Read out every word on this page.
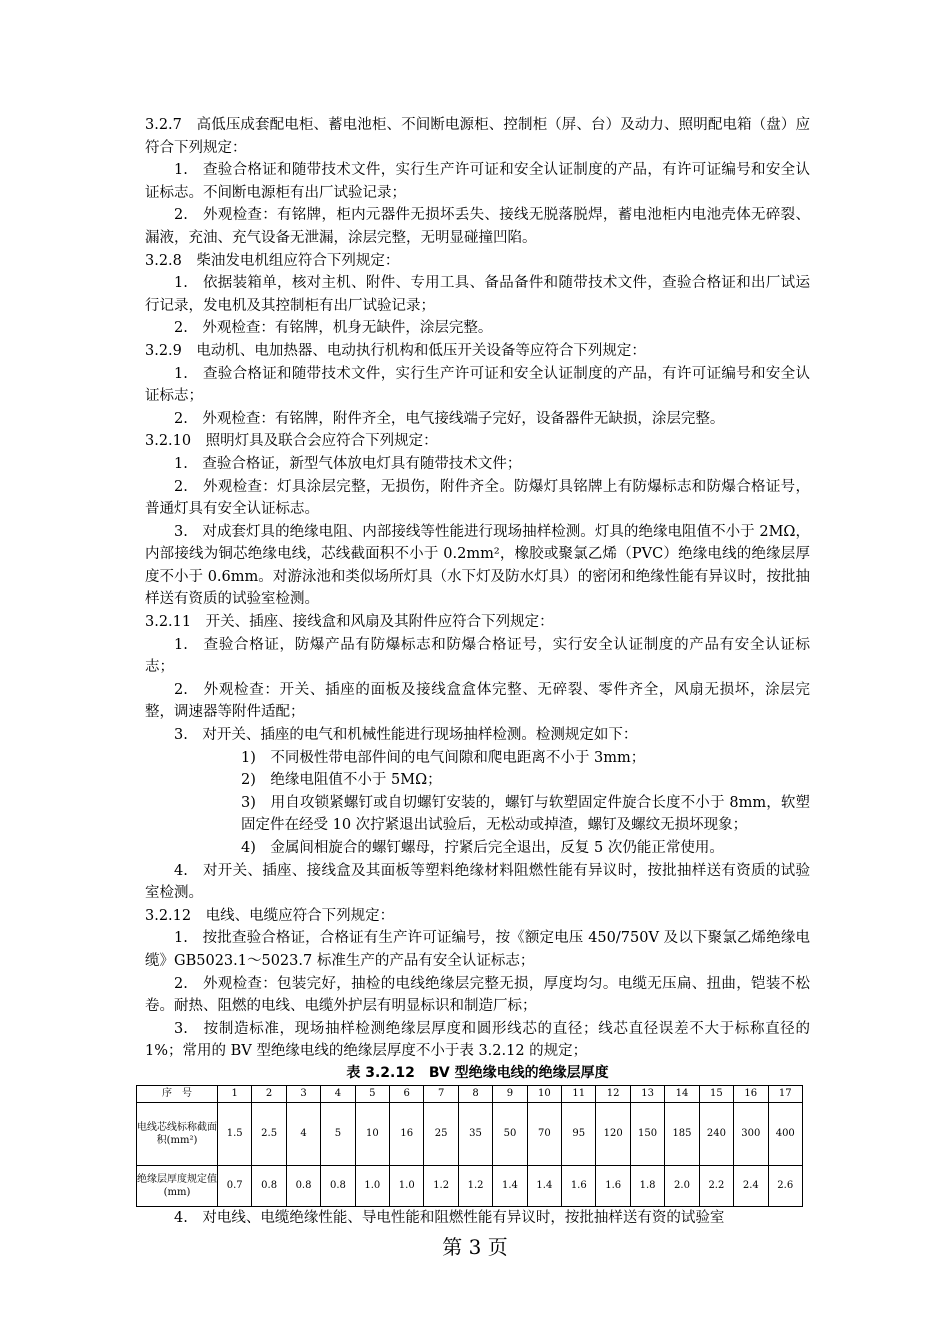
3.2.7　高低压成套配电柜、蓄电池柜、不间断电源柜、控制柜（屏、台）及动力、照明配电箱（盘）应符合下列规定：

1.　查验合格证和随带技术文件，实行生产许可证和安全认证制度的产品，有许可证编号和安全认证标志。不间断电源柜有出厂试验记录；

2.　外观检查：有铭牌，柜内元器件无损坏丢失、接线无脱落脱焊，蓄电池柜内电池壳体无碎裂、漏液，充油、充气设备无泄漏，涂层完整，无明显碰撞凹陷。

3.2.8　柴油发电机组应符合下列规定：

1.　依据装箱单，核对主机、附件、专用工具、备品备件和随带技术文件，查验合格证和出厂试运行记录，发电机及其控制柜有出厂试验记录；

2.　外观检查：有铭牌，机身无缺件，涂层完整。

3.2.9　电动机、电加热器、电动执行机构和低压开关设备等应符合下列规定：

1.　查验合格证和随带技术文件，实行生产许可证和安全认证制度的产品，有许可证编号和安全认证标志；

2.　外观检查：有铭牌，附件齐全，电气接线端子完好，设备器件无缺损，涂层完整。

3.2.10　照明灯具及联合会应符合下列规定：

1.　查验合格证，新型气体放电灯具有随带技术文件；

2.　外观检查：灯具涂层完整，无损伤，附件齐全。防爆灯具铭牌上有防爆标志和防爆合格证号，普通灯具有安全认证标志。

3.　对成套灯具的绝缘电阻、内部接线等性能进行现场抽样检测。灯具的绝缘电阻值不小于 2MΩ，内部接线为铜芯绝缘电线，芯线截面积不小于 0.2mm²，橡胶或聚氯乙烯（PVC）绝缘电线的绝缘层厚度不小于 0.6mm。对游泳池和类似场所灯具（水下灯及防水灯具）的密闭和绝缘性能有异议时，按批抽样送有资质的试验室检测。

3.2.11　开关、插座、接线盒和风扇及其附件应符合下列规定：

1.　查验合格证，防爆产品有防爆标志和防爆合格证号，实行安全认证制度的产品有安全认证标志；

2.　外观检查：开关、插座的面板及接线盒盒体完整、无碎裂、零件齐全，风扇无损坏，涂层完整，调速器等附件适配；

3.　对开关、插座的电气和机械性能进行现场抽样检测。检测规定如下：

1)　不同极性带电部件间的电气间隙和爬电距离不小于 3mm；

2)　绝缘电阻值不小于 5MΩ；

3)　用自攻锁紧螺钉或自切螺钉安装的，螺钉与软塑固定件旋合长度不小于 8mm，软塑固定件在经受 10 次拧紧退出试验后，无松动或掉渣，螺钉及螺纹无损坏现象；

4)　金属间相旋合的螺钉螺母，拧紧后完全退出，反复 5 次仍能正常使用。

4.　对开关、插座、接线盒及其面板等塑料绝缘材料阻燃性能有异议时，按批抽样送有资质的试验室检测。

3.2.12　电线、电缆应符合下列规定：

1.　按批查验合格证，合格证有生产许可证编号，按《额定电压 450/750V 及以下聚氯乙烯绝缘电缆》GB5023.1～5023.7 标准生产的产品有安全认证标志；

2.　外观检查：包装完好，抽检的电线绝缘层完整无损，厚度均匀。电缆无压扁、扭曲，铠装不松卷。耐热、阻燃的电线、电缆外护层有明显标识和制造厂标；

3.　按制造标准，现场抽样检测绝缘层厚度和圆形线芯的直径；线芯直径误差不大于标称直径的 1%；常用的 BV 型绝缘电线的绝缘层厚度不小于表 3.2.12 的规定；

表 3.2.12　BV 型绝缘电线的绝缘层厚度
序　号	1	2	3	4	5	6	7	8	9	10	11	12	13	14	15	16	17
电线芯线标称截面积(mm²)	1.5	2.5	4	5	10	16	25	35	50	70	95	120	150	185	240	300	400
绝缘层厚度规定值(mm)	0.7	0.8	0.8	0.8	1.0	1.0	1.2	1.2	1.4	1.4	1.6	1.6	1.8	2.0	2.2	2.4	2.6

4.　对电线、电缆绝缘性能、导电性能和阻燃性能有异议时，按批抽样送有资的试验室

第 3 页
